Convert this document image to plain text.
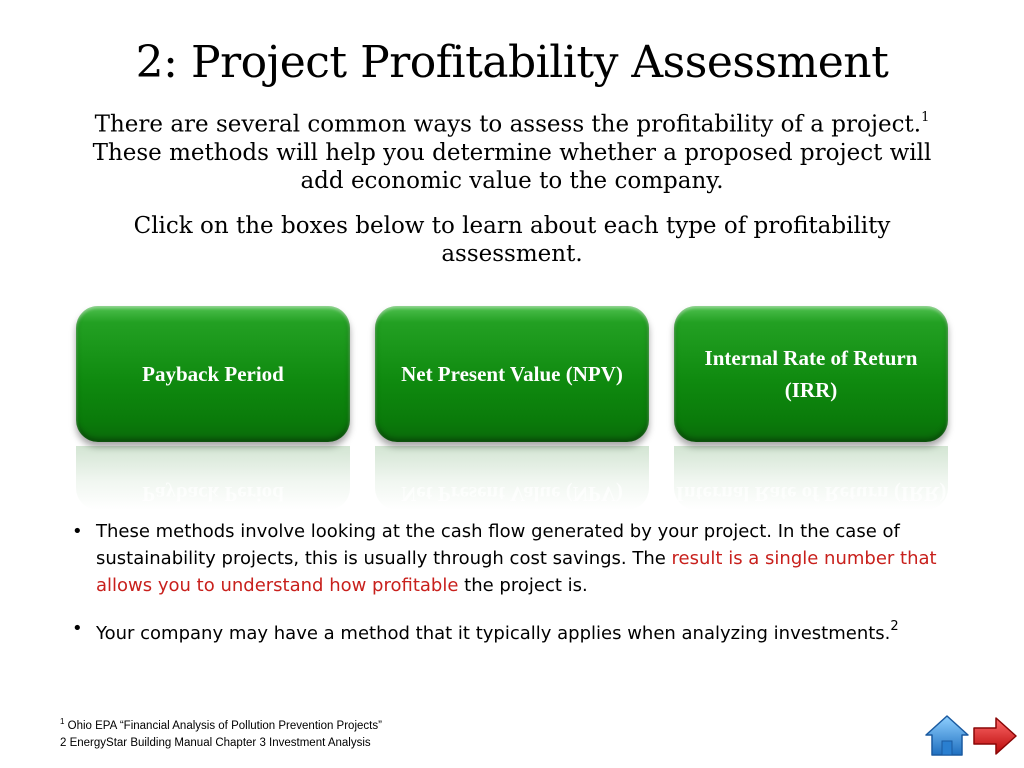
2: Project Profitability Assessment
There are several common ways to assess the profitability of a project.$^1$ These methods will help you determine whether a proposed project will add economic value to the company.
Click on the boxes below to learn about each type of profitability assessment.
Payback Period
Payback Period
Net Present Value (NPV)
Net Present Value (NPV)
Internal Rate of Return (IRR)
Internal Rate of Return (IRR)
• These methods involve looking at the cash flow generated by your project. In the case of sustainability projects, this is usually through cost savings. The result is a single number that allows you to understand how profitable the project is.
• Your company may have a method that it typically applies when analyzing investments.$^2$
$^1$ Ohio EPA “Financial Analysis of Pollution Prevention Projects”
2 EnergyStar Building Manual Chapter 3 Investment Analysis
